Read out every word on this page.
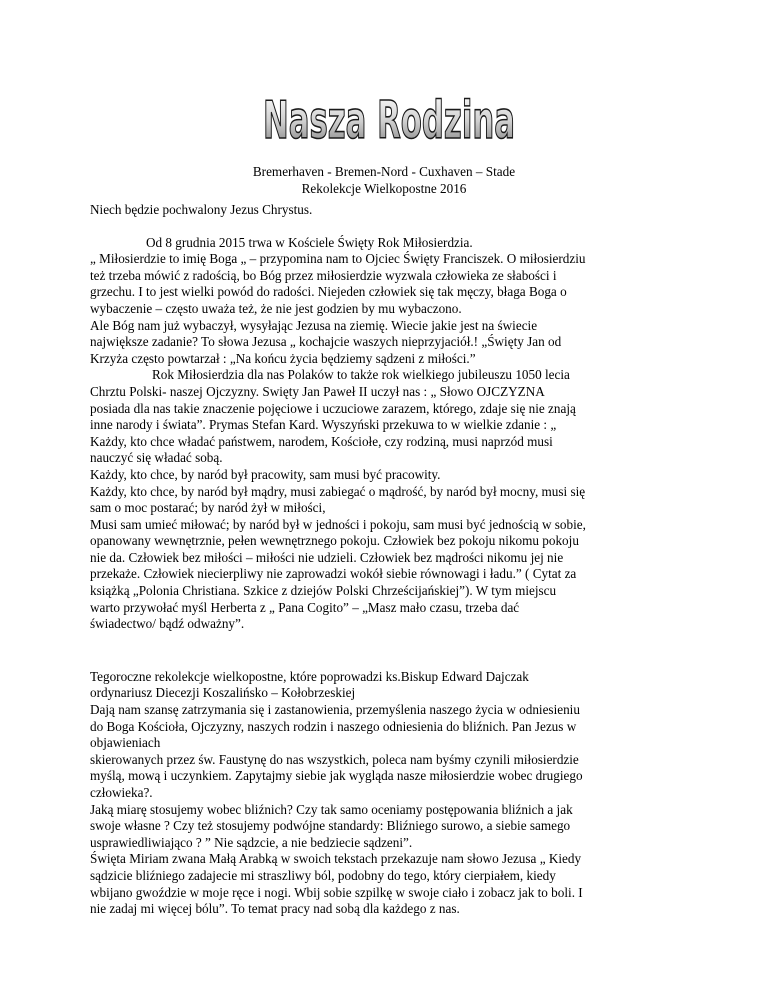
Nasza Rodzina
Bremerhaven - Bremen-Nord - Cuxhaven – Stade
Rekolekcje Wielkopostne 2016

Niech będzie pochwalony Jezus Chrystus.

Od 8 grudnia 2015 trwa w Kościele Święty Rok Miłosierdzia.

„ Miłosierdzie to imię Boga „ – przypomina nam to Ojciec Święty Franciszek. O miłosierdziu

też trzeba mówić z radością, bo Bóg przez miłosierdzie wyzwala człowieka ze słabości i

grzechu. I to jest wielki powód do radości. Niejeden człowiek się tak męczy, błaga Boga o

wybaczenie – często uważa też, że nie jest godzien by mu wybaczono.

Ale Bóg nam już wybaczył, wysyłając Jezusa na ziemię. Wiecie jakie jest na świecie

największe zadanie? To słowa Jezusa „ kochajcie waszych nieprzyjaciół.! „Święty Jan od

Krzyża często powtarzał : „Na końcu życia będziemy sądzeni z miłości.”

Rok Miłosierdzia dla nas Polaków to także rok wielkiego jubileuszu 1050 lecia

Chrztu Polski- naszej Ojczyzny. Swięty Jan Paweł II uczył nas : „ Słowo OJCZYZNA

posiada dla nas takie znaczenie pojęciowe i uczuciowe zarazem, którego, zdaje się nie znają

inne narody i świata”. Prymas Stefan Kard. Wyszyński przekuwa to w wielkie zdanie : „

Każdy, kto chce władać państwem, narodem, Kościołe, czy rodziną, musi naprzód musi

nauczyć się władać sobą.

Każdy, kto chce, by naród był pracowity, sam musi być pracowity.

Każdy, kto chce, by naród był mądry, musi zabiegać o mądrość, by naród był mocny, musi się

sam o moc postarać; by naród żył w miłości,

Musi sam umieć miłować; by naród był w jedności i pokoju, sam musi być jednością w sobie,

opanowany wewnętrznie, pełen wewnętrznego pokoju. Człowiek bez pokoju nikomu pokoju

nie da. Człowiek bez miłości – miłości nie udzieli. Człowiek bez mądrości nikomu jej nie

przekaże. Człowiek niecierpliwy nie zaprowadzi wokół siebie równowagi i ładu.” ( Cytat za

książką „Polonia Christiana. Szkice z dziejów Polski Chrześcijańskiej”). W tym miejscu

warto przywołać myśl Herberta z „ Pana Cogito” – „Masz mało czasu, trzeba dać

świadectwo/ bądź odważny”.

Tegoroczne rekolekcje wielkopostne, które poprowadzi ks.Biskup Edward Dajczak

ordynariusz Diecezji Koszalińsko – Kołobrzeskiej

Dają nam szansę zatrzymania się i zastanowienia, przemyślenia naszego życia w odniesieniu

do Boga Kościoła, Ojczyzny, naszych rodzin i naszego odniesienia do bliźnich. Pan Jezus w

objawieniach

skierowanych przez św. Faustynę do nas wszystkich, poleca nam byśmy czynili miłosierdzie

myślą, mową i uczynkiem. Zapytajmy siebie jak wygląda nasze miłosierdzie wobec drugiego

człowieka?.

Jaką miarę stosujemy wobec bliźnich? Czy tak samo oceniamy postępowania bliźnich a jak

swoje własne ? Czy też stosujemy podwójne standardy: Bliźniego surowo, a siebie samego

usprawiedliwiająco ? ” Nie sądzcie, a nie bedziecie sądzeni”.

Święta Miriam zwana Małą Arabką w swoich tekstach przekazuje nam słowo Jezusa „ Kiedy

sądzicie bliźniego zadajecie mi straszliwy ból, podobny do tego, który cierpiałem, kiedy

wbijano gwoździe w moje ręce i nogi. Wbij sobie szpilkę w swoje ciało i zobacz jak to boli. I

nie zadaj mi więcej bólu”. To temat pracy nad sobą dla każdego z nas.
